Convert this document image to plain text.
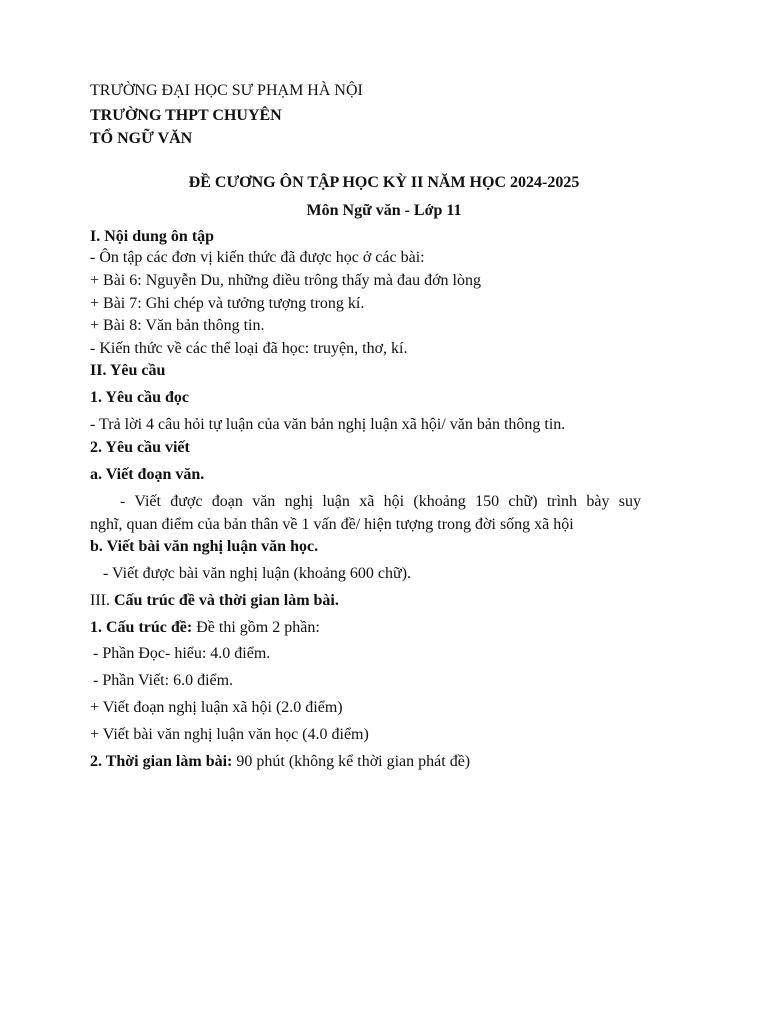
TRƯỜNG ĐẠI HỌC SƯ PHẠM HÀ NỘI
TRƯỜNG THPT CHUYÊN
TỔ NGỮ VĂN
ĐỀ CƯƠNG ÔN TẬP HỌC KỲ II NĂM HỌC 2024-2025
Môn Ngữ văn - Lớp 11
I. Nội dung ôn tập
- Ôn tập các đơn vị kiến thức đã được học ở các bài:
+ Bài 6: Nguyễn Du, những điều trông thấy mà đau đớn lòng
+ Bài 7: Ghi chép và tưởng tượng trong kí.
+ Bài 8: Văn bản thông tin.
- Kiến thức về các thể loại đã học: truyện, thơ, kí.
II. Yêu cầu
1. Yêu cầu đọc
- Trả lời 4 câu hỏi tự luận của văn bản nghị luận xã hội/ văn bản thông tin.
2. Yêu cầu viết
a. Viết đoạn văn.
- Viết được đoạn văn nghị luận xã hội (khoảng 150 chữ) trình bày suy
nghĩ, quan điểm của bản thân về 1 vấn đề/ hiện tượng trong đời sống xã hội
b. Viết bài văn nghị luận văn học.
- Viết được bài văn nghị luận (khoảng 600 chữ).
III. Cấu trúc đề và thời gian làm bài.
1. Cấu trúc đề: Đề thi gồm 2 phần:
- Phần Đọc- hiểu: 4.0 điểm.
- Phần Viết: 6.0 điểm.
+ Viết đoạn nghị luận xã hội (2.0 điểm)
+ Viết bài văn nghị luận văn học (4.0 điểm)
2. Thời gian làm bài: 90 phút (không kể thời gian phát đề)
